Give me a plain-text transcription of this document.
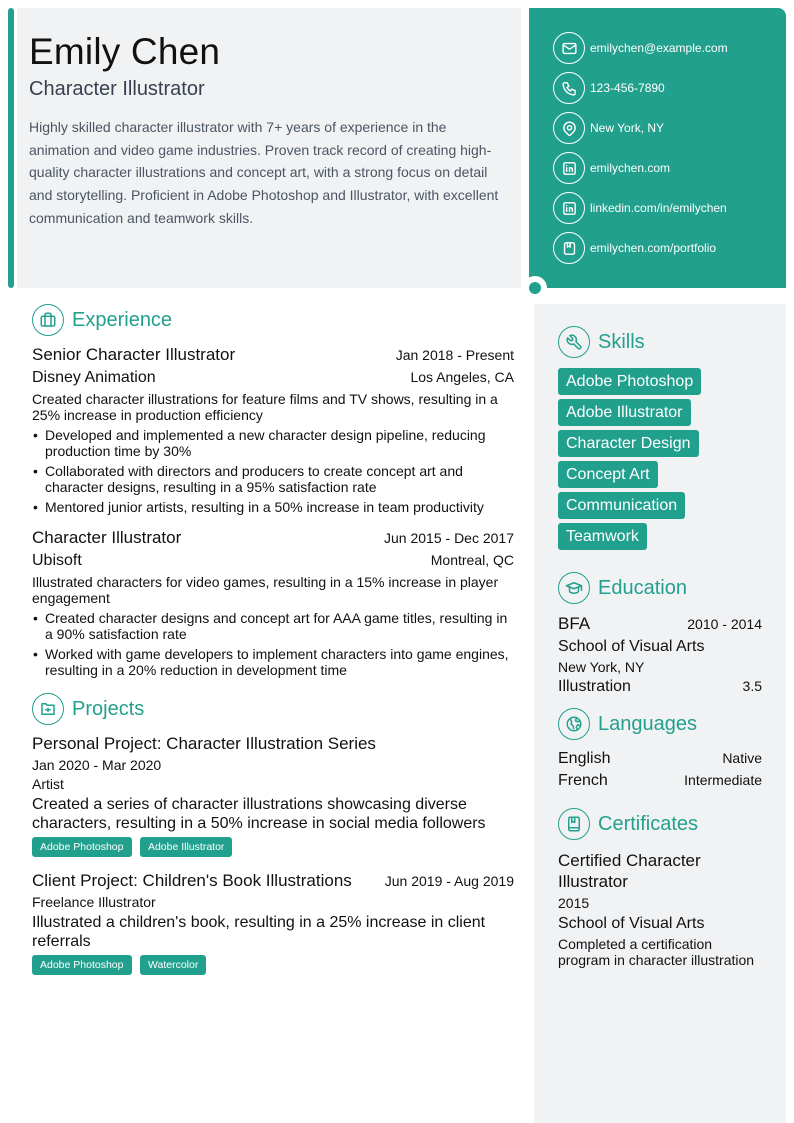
Emily Chen
Character Illustrator

Highly skilled character illustrator with 7+ years of experience in the animation and video game industries. Proven track record of creating high-quality character illustrations and concept art, with a strong focus on detail and storytelling. Proficient in Adobe Photoshop and Illustrator, with excellent communication and teamwork skills.

emilychen@example.com
123-456-7890
New York, NY
emilychen.com
linkedin.com/in/emilychen
emilychen.com/portfolio
Experience
Senior Character Illustrator	Jan 2018 - Present
Disney Animation	Los Angeles, CA

Created character illustrations for feature films and TV shows, resulting in a 25% increase in production efficiency

• Developed and implemented a new character design pipeline, reducing production time by 30%
• Collaborated with directors and producers to create concept art and character designs, resulting in a 95% satisfaction rate
• Mentored junior artists, resulting in a 50% increase in team productivity
Character Illustrator	Jun 2015 - Dec 2017
Ubisoft	Montreal, QC

Illustrated characters for video games, resulting in a 15% increase in player engagement

• Created character designs and concept art for AAA game titles, resulting in a 90% satisfaction rate
• Worked with game developers to implement characters into game engines, resulting in a 20% reduction in development time
Projects
Personal Project: Character Illustration Series
Jan 2020 - Mar 2020
Artist

Created a series of character illustrations showcasing diverse characters, resulting in a 50% increase in social media followers

Adobe Photoshop Adobe Illustrator
Client Project: Children's Book Illustrations Jun 2019 - Aug 2019
Freelance Illustrator

Illustrated a children's book, resulting in a 25% increase in client referrals

Adobe Photoshop Watercolor
Skills
Adobe Photoshop
Adobe Illustrator
Character Design
Concept Art
Communication
Teamwork
Education
BFA	2010 - 2014
School of Visual Arts
New York, NY
Illustration	3.5
Languages
English	Native
French	Intermediate
Certificates
Certified Character Illustrator
2015
School of Visual Arts
Completed a certification program in character illustration
